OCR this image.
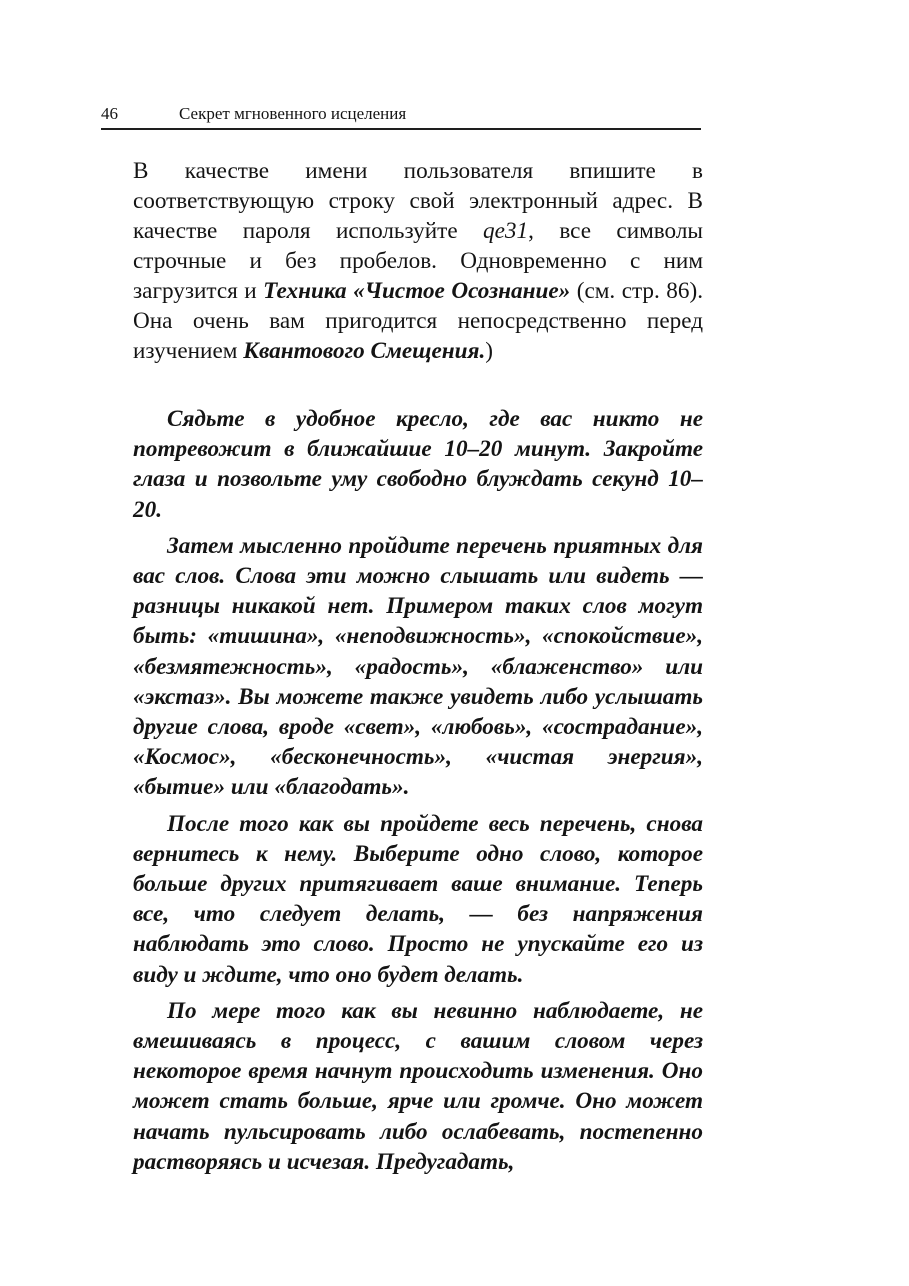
46	Секрет мгновенного исцеления

В качестве имени пользователя впишите в соответствующую строку свой электронный адрес. В качестве пароля используйте qe31, все символы строчные и без пробелов. Одновременно с ним загрузится и Техника «Чистое Осознание» (см. стр. 86). Она очень вам пригодится непосредственно перед изучением Квантового Смещения.)

Сядьте в удобное кресло, где вас никто не потревожит в ближайшие 10–20 минут. Закройте глаза и позвольте уму свободно блуждать секунд 10–20.

Затем мысленно пройдите перечень приятных для вас слов. Слова эти можно слышать или видеть — разницы никакой нет. Примером таких слов могут быть: «тишина», «неподвижность», «спокойствие», «безмятежность», «радость», «блаженство» или «экстаз». Вы можете также увидеть либо услышать другие слова, вроде «свет», «любовь», «сострадание», «Космос», «бесконечность», «чистая энергия», «бытие» или «благодать».

После того как вы пройдете весь перечень, снова вернитесь к нему. Выберите одно слово, которое больше других притягивает ваше внимание. Теперь все, что следует делать, — без напряжения наблюдать это слово. Просто не упускайте его из виду и ждите, что оно будет делать.

По мере того как вы невинно наблюдаете, не вмешиваясь в процесс, с вашим словом через некоторое время начнут происходить изменения. Оно может стать больше, ярче или громче. Оно может начать пульсировать либо ослабевать, постепенно растворяясь и исчезая. Предугадать,
